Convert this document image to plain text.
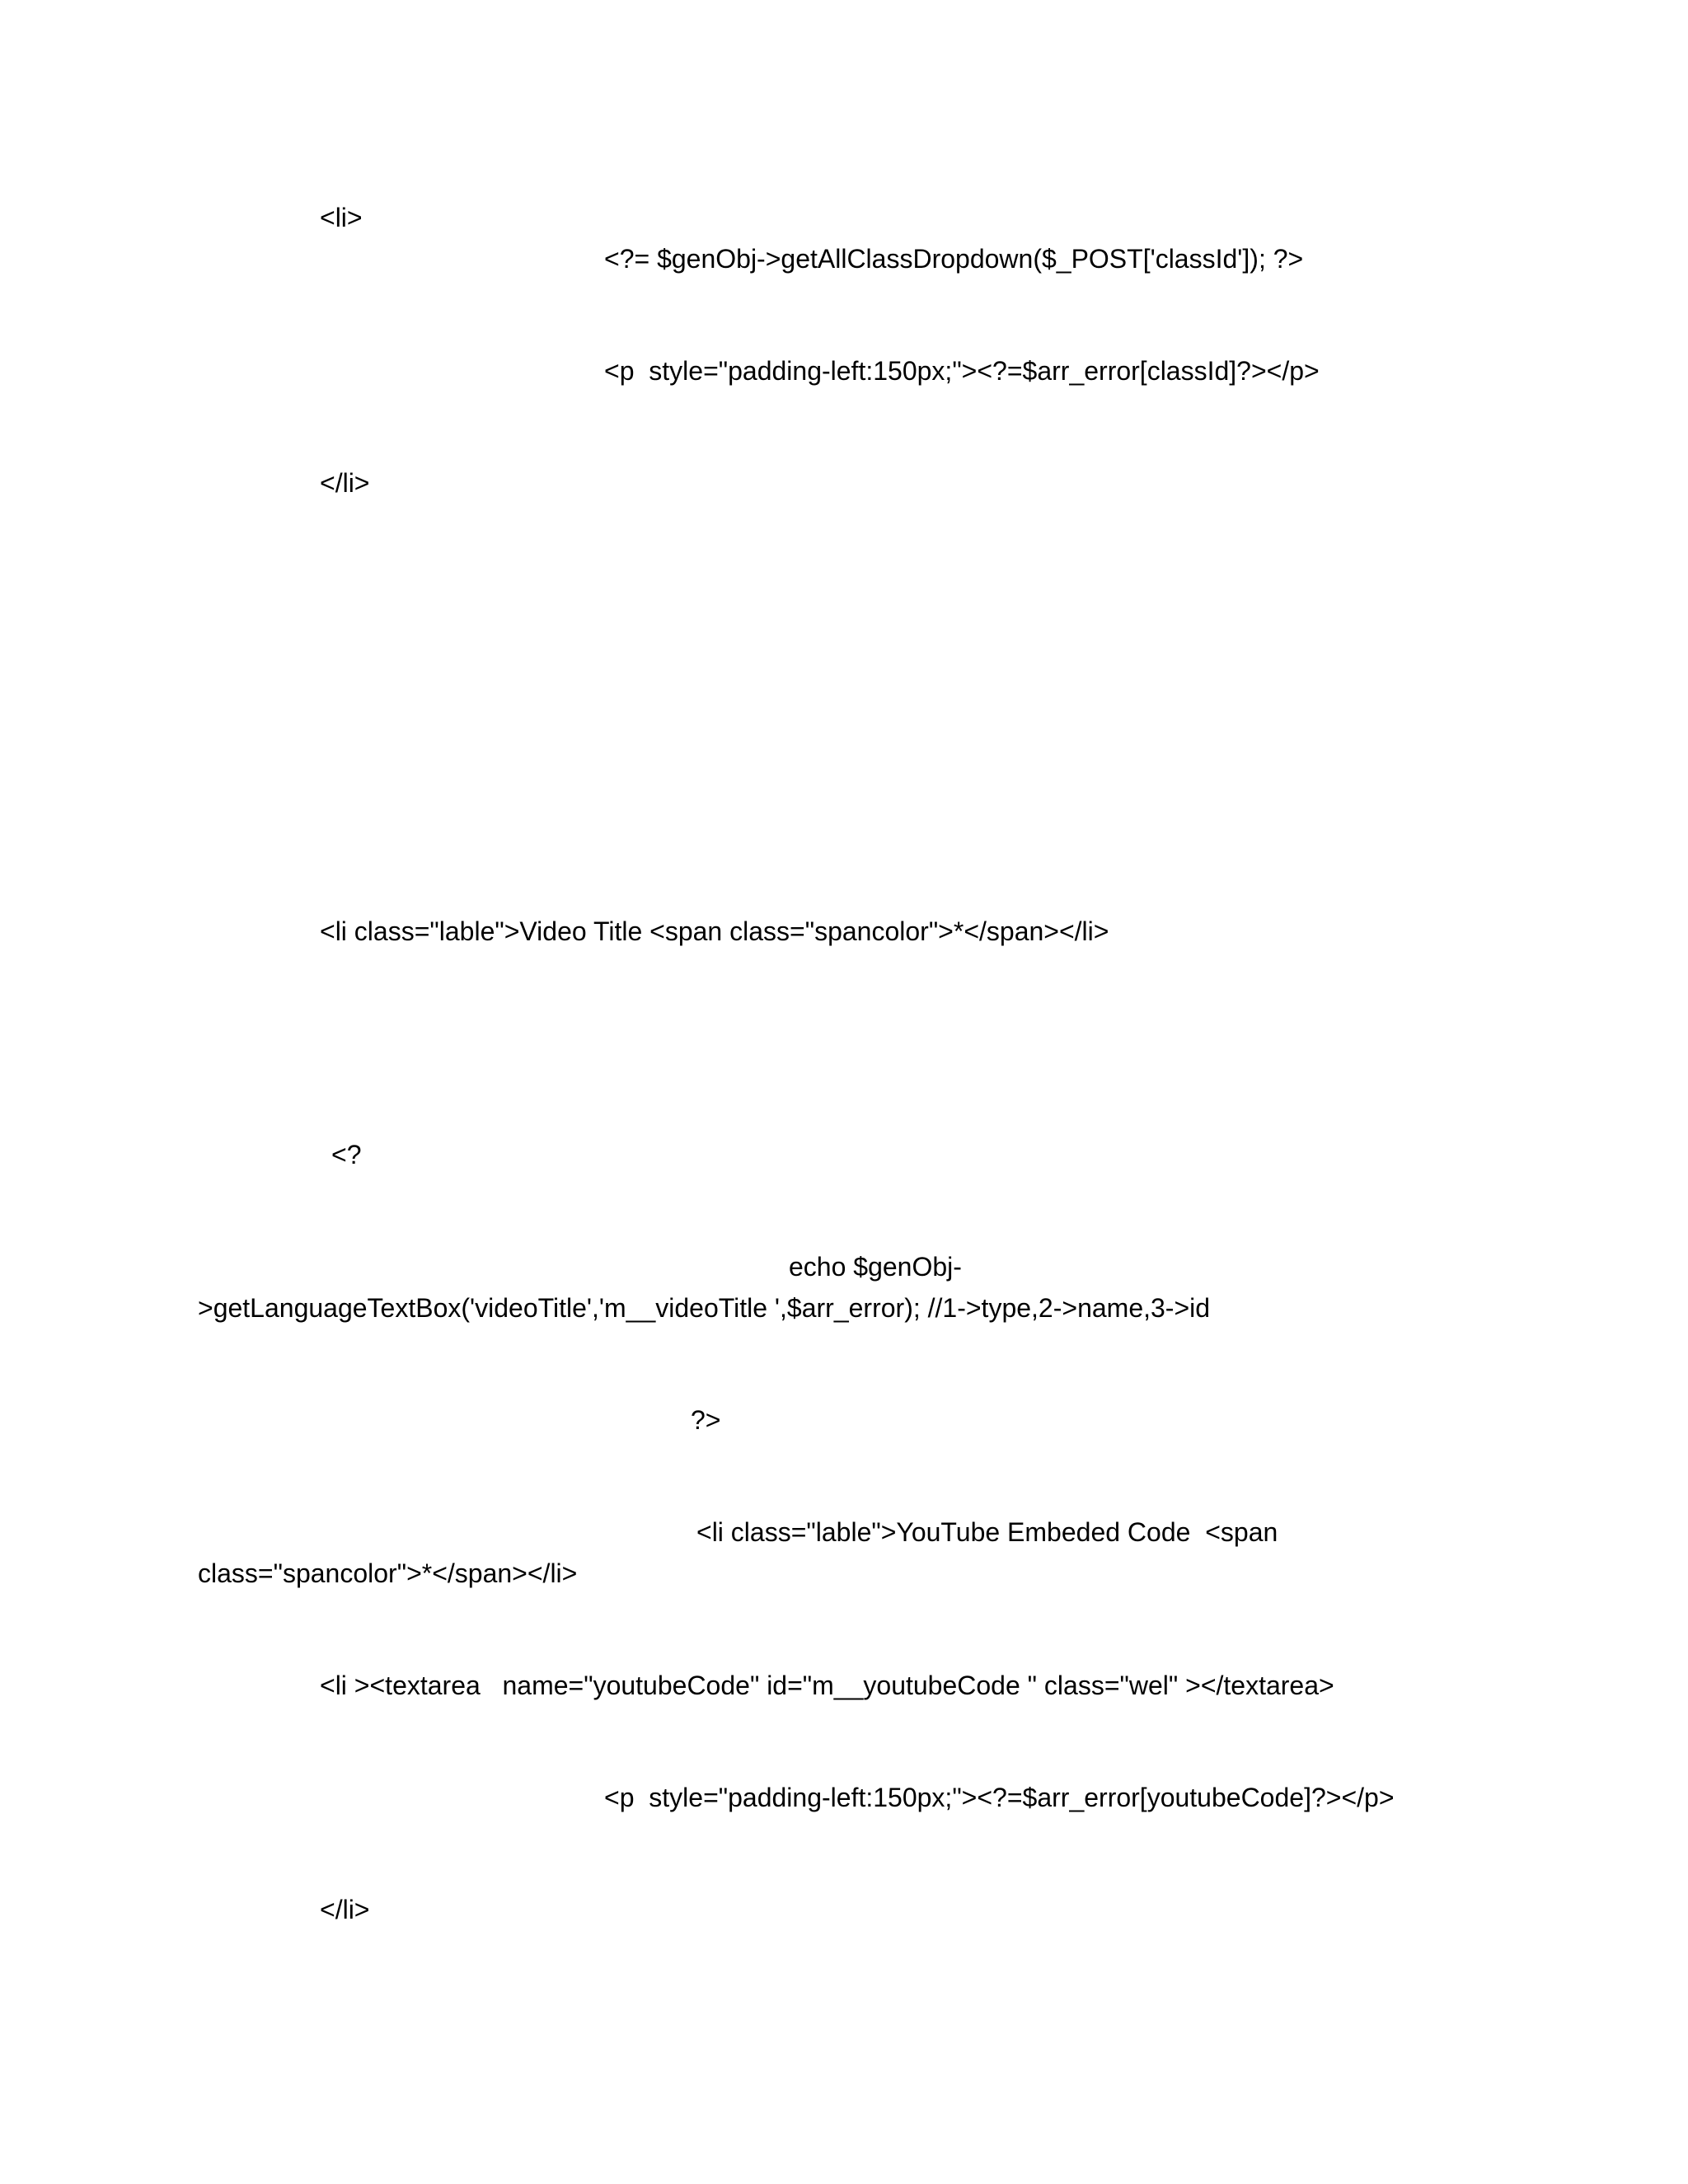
<li>
<?= $genObj->getAllClassDropdown($_POST['classId']); ?>
<p  style="padding-left:150px;"><?=$arr_error[classId]?></p>
</li>
<li class="lable">Video Title <span class="spancolor">*</span></li>
<?
echo $genObj-
>getLanguageTextBox('videoTitle','m__videoTitle ',$arr_error); //1->type,2->name,3->id
?>
<li class="lable">YouTube Embeded Code  <span
class="spancolor">*</span></li>
<li ><textarea   name="youtubeCode" id="m__youtubeCode " class="wel" ></textarea>
<p  style="padding-left:150px;"><?=$arr_error[youtubeCode]?></p>
</li>
